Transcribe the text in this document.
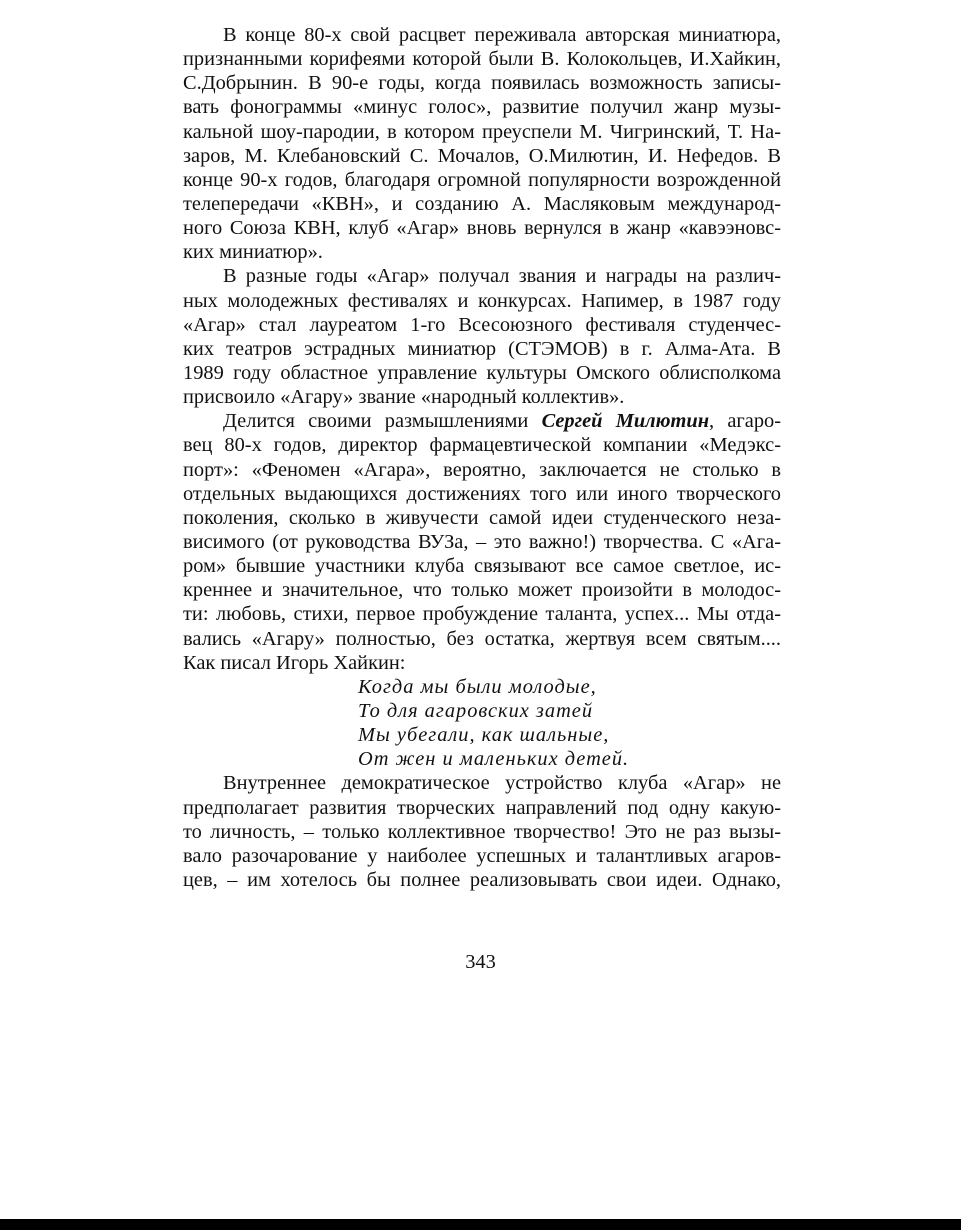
В конце 80-х свой расцвет переживала авторская миниатюра,
признанными корифеями которой были В. Колокольцев, И.Хайкин,
С.Добрынин. В 90-е годы, когда появилась возможность записы-
вать фонограммы «минус голос», развитие получил жанр музы-
кальной шоу-пародии, в котором преуспели М. Чигринский, Т. На-
заров, М. Клебановский С. Мочалов, О.Милютин, И. Нефедов. В
конце 90-х годов, благодаря огромной популярности возрожденной
телепередачи «КВН», и созданию А. Масляковым международ-
ного Союза КВН, клуб «Агар» вновь вернулся в жанр «кавээновс-
ких миниатюр».
В разные годы «Агар» получал звания и награды на различ-
ных молодежных фестивалях и конкурсах. Напимер, в 1987 году
«Агар» стал лауреатом 1-го Всесоюзного фестиваля студенчес-
ких театров эстрадных миниатюр (СТЭМОВ) в г. Алма-Ата. В
1989 году областное управление культуры Омского облисполкома
присвоило «Агару» звание «народный коллектив».
Делится своими размышлениями Сергей Милютин, агаро-
вец 80-х годов, директор фармацевтической компании «Медэкс-
порт»: «Феномен «Агара», вероятно, заключается не столько в
отдельных выдающихся достижениях того или иного творческого
поколения, сколько в живучести самой идеи студенческого неза-
висимого (от руководства ВУЗа, – это важно!) творчества. С «Ага-
ром» бывшие участники клуба связывают все самое светлое, ис-
креннее и значительное, что только может произойти в молодос-
ти: любовь, стихи, первое пробуждение таланта, успех... Мы отда-
вались «Агару» полностью, без остатка, жертвуя всем святым....
Как писал Игорь Хайкин:
Когда мы были молодые,
То для агаровских затей
Мы убегали, как шальные,
От жен и маленьких детей.
Внутреннее демократическое устройство клуба «Агар» не
предполагает развития творческих направлений под одну какую-
то личность, – только коллективное творчество! Это не раз вызы-
вало разочарование у наиболее успешных и талантливых агаров-
цев, – им хотелось бы полнее реализовывать свои идеи. Однако,
343
